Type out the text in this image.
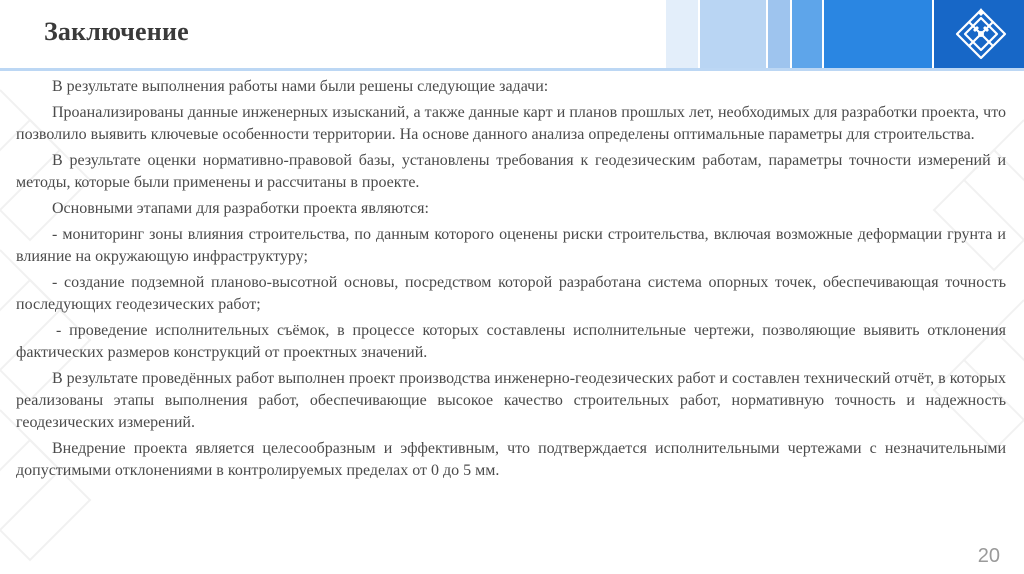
Заключение

В результате выполнения работы нами были решены следующие задачи:

Проанализированы данные инженерных изысканий, а также данные карт и планов прошлых лет, необходимых для разработки проекта, что позволило выявить ключевые особенности территории. На основе данного анализа определены оптимальные параметры для строительства.

В результате оценки нормативно-правовой базы, установлены требования к геодезическим работам, параметры точности измерений и методы, которые были применены и рассчитаны в проекте.

Основными этапами для разработки проекта являются:

- мониторинг зоны влияния строительства, по данным которого оценены риски строительства, включая возможные деформации грунта и влияние на окружающую инфраструктуру;

- создание подземной планово-высотной основы, посредством которой разработана система опорных точек, обеспечивающая точность последующих геодезических работ;

- проведение исполнительных съёмок, в процессе которых составлены исполнительные чертежи, позволяющие выявить отклонения фактических размеров конструкций от проектных значений.

В результате проведённых работ выполнен проект производства инженерно-геодезических работ и составлен технический отчёт, в которых реализованы этапы выполнения работ, обеспечивающие высокое качество строительных работ, нормативную точность и надежность геодезических измерений.

Внедрение проекта является целесообразным и эффективным, что подтверждается исполнительными чертежами с незначительными допустимыми отклонениями в контролируемых пределах от 0 до 5 мм.

20
